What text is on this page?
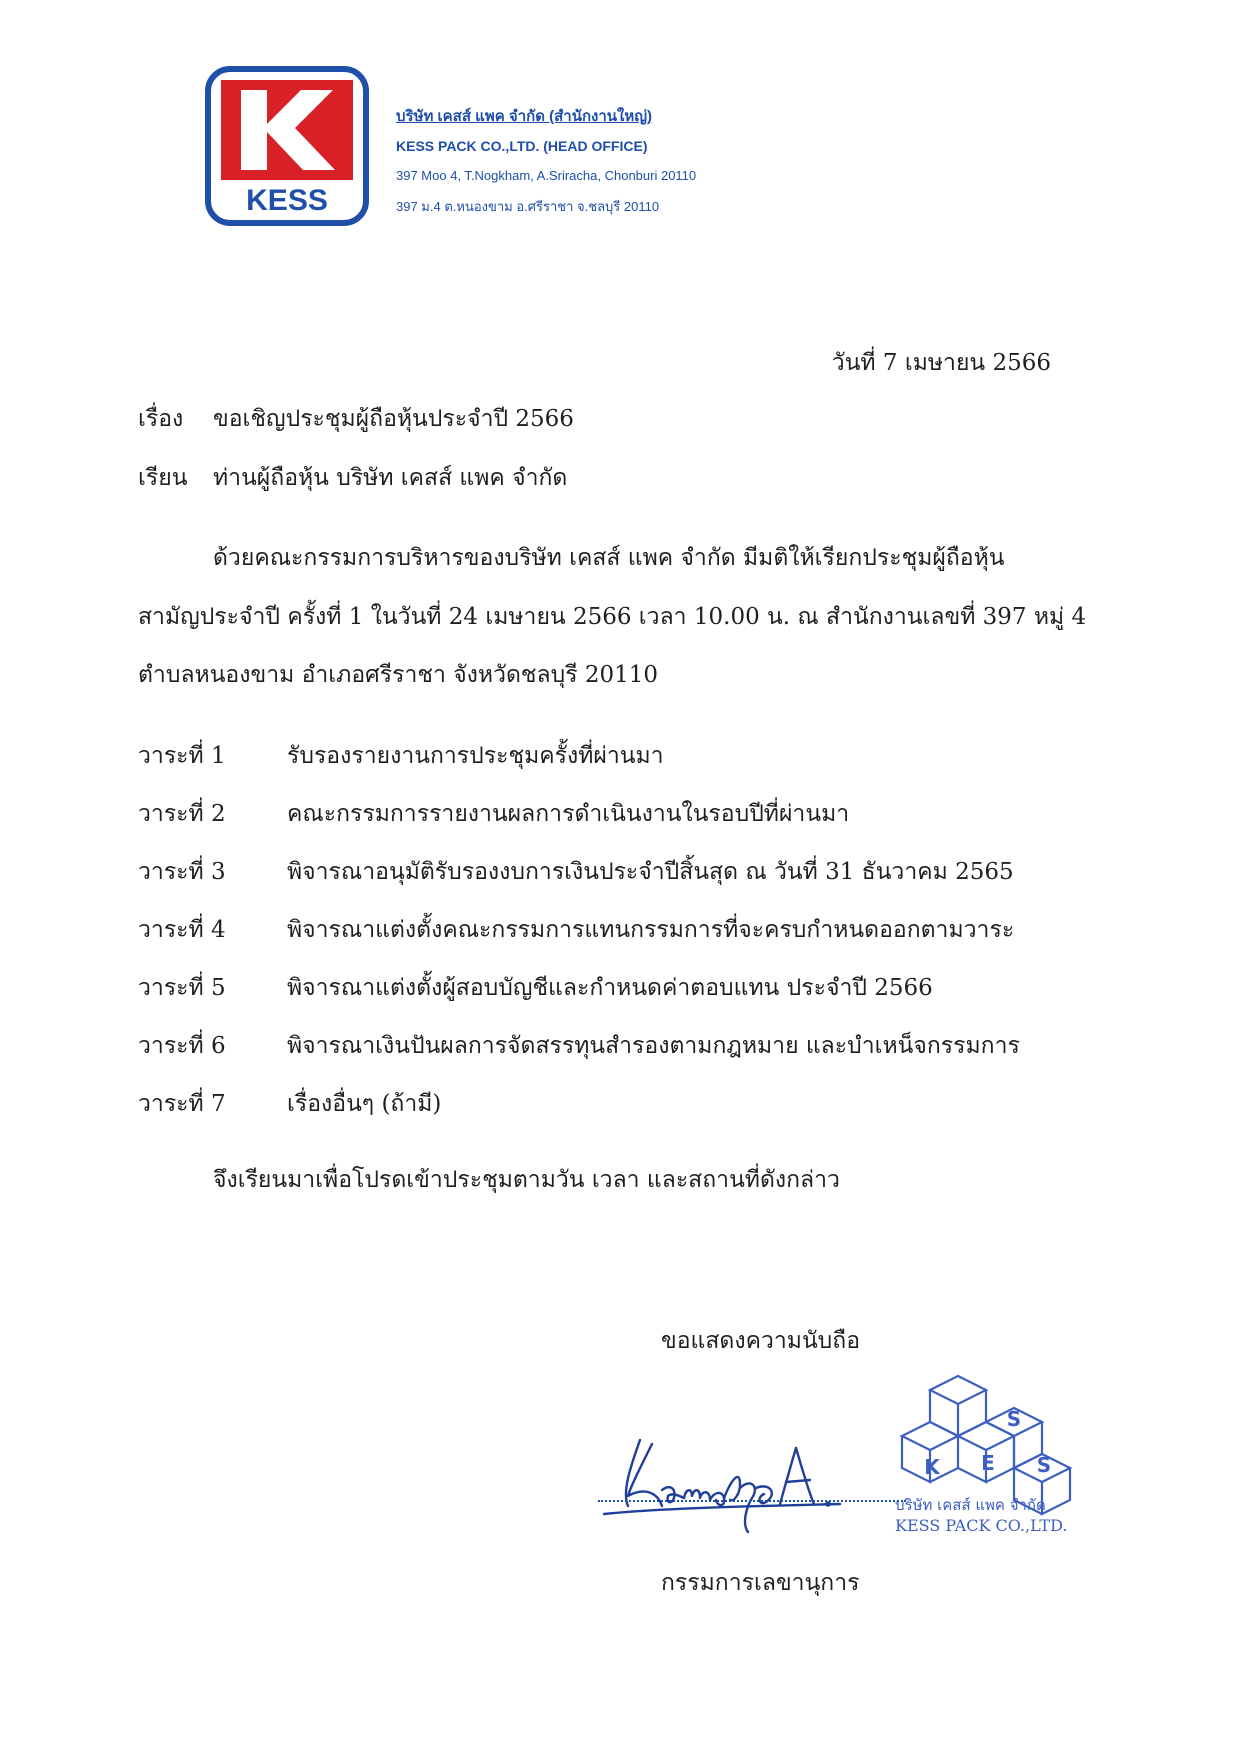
KESS
บริษัท เคสส์ แพค จำกัด (สำนักงานใหญ่)
KESS PACK CO.,LTD. (HEAD OFFICE)
397 Moo 4, T.Nogkham, A.Sriracha, Chonburi 20110
397 ม.4 ต.หนองขาม อ.ศรีราชา จ.ชลบุรี 20110
วันที่ 7 เมษายน 2566
เรื่อง ขอเชิญประชุมผู้ถือหุ้นประจำปี 2566
เรียน ท่านผู้ถือหุ้น บริษัท เคสส์ แพค จำกัด
ด้วยคณะกรรมการบริหารของบริษัท เคสส์ แพค จำกัด มีมติให้เรียกประชุมผู้ถือหุ้น
สามัญประจำปี ครั้งที่ 1 ในวันที่ 24 เมษายน 2566 เวลา 10.00 น. ณ สำนักงานเลขที่ 397 หมู่ 4
ตำบลหนองขาม อำเภอศรีราชา จังหวัดชลบุรี 20110
วาระที่ 1	รับรองรายงานการประชุมครั้งที่ผ่านมา
วาระที่ 2	คณะกรรมการรายงานผลการดำเนินงานในรอบปีที่ผ่านมา
วาระที่ 3	พิจารณาอนุมัติรับรองงบการเงินประจำปีสิ้นสุด ณ วันที่ 31 ธันวาคม 2565
วาระที่ 4	พิจารณาแต่งตั้งคณะกรรมการแทนกรรมการที่จะครบกำหนดออกตามวาระ
วาระที่ 5	พิจารณาแต่งตั้งผู้สอบบัญชีและกำหนดค่าตอบแทน ประจำปี 2566
วาระที่ 6	พิจารณาเงินปันผลการจัดสรรทุนสำรองตามกฎหมาย และบำเหน็จกรรมการ
วาระที่ 7	เรื่องอื่นๆ (ถ้ามี)
จึงเรียนมาเพื่อโปรดเข้าประชุมตามวัน เวลา และสถานที่ดังกล่าว
ขอแสดงความนับถือ
K E
S
S
บริษัท เคสส์ แพค จำกัด
KESS PACK CO.,LTD.
กรรมการเลขานุการ
